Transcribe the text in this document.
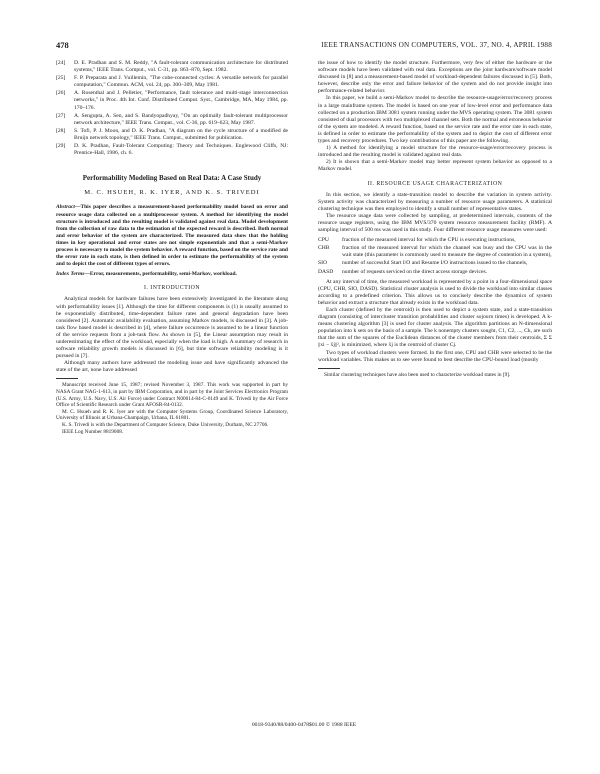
478	IEEE TRANSACTIONS ON COMPUTERS, VOL. 37, NO. 4, APRIL 1988
[24]	D. E. Pradhan and S. M. Reddy, "A fault-tolerant communication architecture for distributed systems," IEEE Trans. Comput., vol. C-31, pp. 863–870, Sept. 1982.
[25]	F. P. Preparata and J. Vuillemin, "The cube-connected cycles: A versatile network for parallel computation," Commun. ACM, vol. 24, pp. 300–309, May 1981.
[26]	A. Rosenthal and J. Pelletier, "Performance, fault tolerance and multi-stage interconnection networks," in Proc. 4th Int. Conf. Distributed Comput. Syst., Cambridge, MA, May 1984, pp. 170–176.
[27]	A. Sengupta, A. Sen, and S. Bandyopadhyay, "On an optimally fault-tolerant multiprocessor network architecture," IEEE Trans. Comput., vol. C-36, pp. 619–623, May 1987.
[28]	S. Tofi, P. J. Moon, and D. K. Pradhan, "A diagram on the cycle structure of a modified de Bruijn network topology," IEEE Trans. Comput., submitted for publication.
[29]	D. K. Pradhan, Fault-Tolerant Computing: Theory and Techniques. Englewood Cliffs, NJ: Prentice-Hall, 1986, ch. 6.
Performability Modeling Based on Real Data: A Case Study
M. C. HSUEH, R. K. IYER, AND K. S. TRIVEDI
Abstract—This paper describes a measurement-based performability model based on error and resource usage data collected on a multiprocessor system. A method for identifying the model structure is introduced and the resulting model is validated against real data. Model development from the collection of raw data to the estimation of the expected reward is described. Both normal and error behavior of the system are characterized. The measured data show that the holding times in key operational and error states are not simple exponentials and that a semi-Markov process is necessary to model the system behavior. A reward function, based on the service rate and the error rate in each state, is then defined in order to estimate the performability of the system and to depict the cost of different types of errors.
Index Terms—Error, measurements, performability, semi-Markov, workload.
I. INTRODUCTION

Analytical models for hardware failures have been extensively investigated in the literature along with performability issues [1]. Although the time for different components is (1) is usually assumed to be exponentially distributed, time-dependent failure rates and general degradation have been considered [2]. Automatic availability evaluation, assuming Markov models, is discussed in [3]. A job-task flow based model is described in [4], where failure occurrence is assumed to be a linear function of the service requests from a job-task flow. As shown in [5], the Linear assumption may result in underestimating the effect of the workload, especially when the load is high. A summary of research in software reliability growth models is discussed in [6], but time software reliability modeling is it pursued in [7].

Although many authors have addressed the modeling issue and have significantly advanced the state of the art, none have addressed

Manuscript received June 15, 1987; revised November 3, 1987. This work was supported in part by NASA Grant NAG-1-613, in part by IBM Corporation, and in part by the Joint Services Electronics Program (U.S. Army, U.S. Navy, U.S. Air Force) under Contract N00014-84-C-0149 and K. Trivedi by the Air Force Office of Scientific Research under Grant AFOSR-84-0132.

M. C. Hsueh and R. K. Iyer are with the Computer Systems Group, Coordinated Science Laboratory, University of Illinois at Urbana-Champaign, Urbana, IL 61801.

K. S. Trivedi is with the Department of Computer Science, Duke University, Durham, NC 27706.

IEEE Log Number 8819008.

the issue of how to identify the model structure. Furthermore, very few of either the hardware or the software models have been validated with real data. Exceptions are the joint hardware/software model discussed in [8] and a measurement-based model of workload-dependent failures discussed in [5]. Both, however, describe only the error and failure behavior of the system and do not provide insight into performance-related behavior.

In this paper, we build a semi-Markov model to describe the resource-usage/error/recovery process in a large mainframe system. The model is based on one year of low-level error and performance data collected on a production IBM 3081 system running under the MVS operating system. The 3081 system consisted of dual processors with two multiplexed channel sets. Both the normal and erroneous behavior of the system are modeled. A reward function, based on the service rate and the error rate in each state, is defined in order to estimate the performability of the system and to depict the cost of different error types and recovery procedures. Two key contributions of this paper are the following.

1) A method for identifying a model structure for the resource-usage/error/recovery process is introduced and the resulting model is validated against real data.

2) It is shown that a semi-Markov model may better represent system behavior as opposed to a Markov model.

II. RESOURCE USAGE CHARACTERIZATION

In this section, we identify a state-transition model to describe the variation in system activity. System activity was characterized by measuring a number of resource usage parameters. A statistical clustering technique was then employed to identify a small number of representative states.

The resource usage data were collected by sampling, at predetermined intervals, contents of the resource usage registers, using the IBM MVS/370 system resource measurement facility (RMF). A sampling interval of 500 ms was used in this study. Four different resource usage measures were used:

CPU	fraction of the measured interval for which the CPU is executing instructions,
CHB	fraction of the measured interval for which the channel was busy and the CPU was in the wait state (this parameter is commonly used to measure the degree of contention in a system),
SIO	number of successful Start I/O and Resume I/O instructions issued to the channels,
DASD	number of requests serviced on the direct access storage devices.

At any interval of time, the measured workload is represented by a point in a four-dimensional space (CPU, CHB, SIO, DASD). Statistical cluster analysis is used to divide the workload into similar classes according to a predefined criterion. This allows us to concisely describe the dynamics of system behavior and extract a structure that already exists in the workload data.

Each cluster (defined by the centroid) is then used to depict a system state, and a state-transition diagram (consisting of intercluster transition probabilities and cluster sojourn times) is developed. A k-means clustering algorithm [3] is used for cluster analysis. The algorithm partitions an N-dimensional population into k sets on the basis of a sample. The k nonempty clusters sought, C1, C2, ..., Ck, are such that the sum of the squares of the Euclidean distances of the cluster members from their centroids, Σ Σ ||xi − x̄j||², is minimized, where x̄j is the centroid of cluster Cj.

Two types of workload clusters were formed. In the first one, CPU and CHB were selected to be the workload variables. This makes us to see were found to best describe the CPU-bound load (mostly

Similar clustering techniques have also been used to characterize workload states in [9].

0018-9340/88/0400-0478$01.00 © 1988 IEEE
